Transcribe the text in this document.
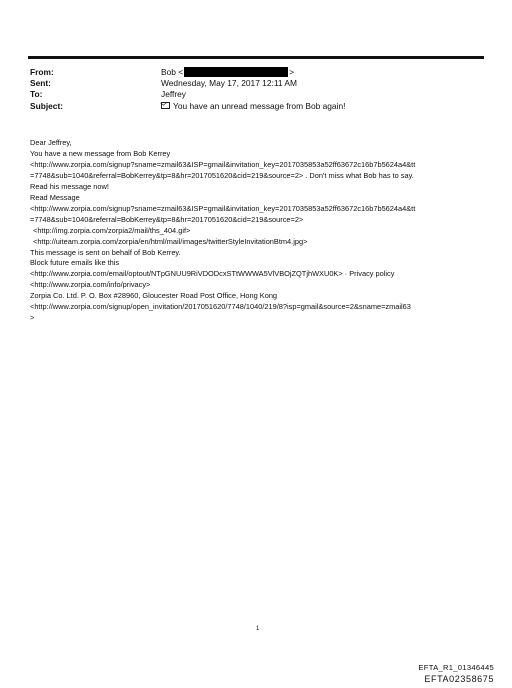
From:	Bob <	>
Sent:	Wednesday, May 17, 2017 12:11 AM
To:	Jeffrey
Subject:	You have an unread message from Bob again!
Dear Jeffrey,
You have a new message from Bob Kerrey
<http://www.zorpia.com/signup?sname=zmail63&ISP=gmail&invitation_key=2017035853a52ff63672c16b7b5624a4&tt
=7748&sub=1040&referral=BobKerrey&tp=8&hr=2017051620&cid=219&source=2> . Don't miss what Bob has to say.
Read his message now!
Read Message
<http://www.zorpia.com/signup?sname=zmail63&ISP=gmail&invitation_key=2017035853a52ff63672c16b7b5624a4&tt
=7748&sub=1040&referral=BobKerrey&tp=8&hr=2017051620&cid=219&source=2>
<http://img.zorpia.com/zorpia2/mail/ths_404.gif>
<http://uiteam.zorpia.com/zorpia/en/html/mail/images/twitterStyleInvitationBtm4.jpg>
This message is sent on behalf of Bob Kerrey.
Block future emails like this
<http://www.zorpia.com/email/optout/NTpGNUU9RiVDODcxSTtWWWA5VlVBOjZQTjhWXU0K> · Privacy policy
<http://www.zorpia.com/info/privacy>
Zorpia Co. Ltd. P. O. Box #28960, Gloucester Road Post Office, Hong Kong
<http://www.zorpia.com/signup/open_invitation/2017051620/7748/1040/219/8?isp=gmail&source=2&sname=zmail63
>
1
EFTA_R1_01346445
EFTA02358675
